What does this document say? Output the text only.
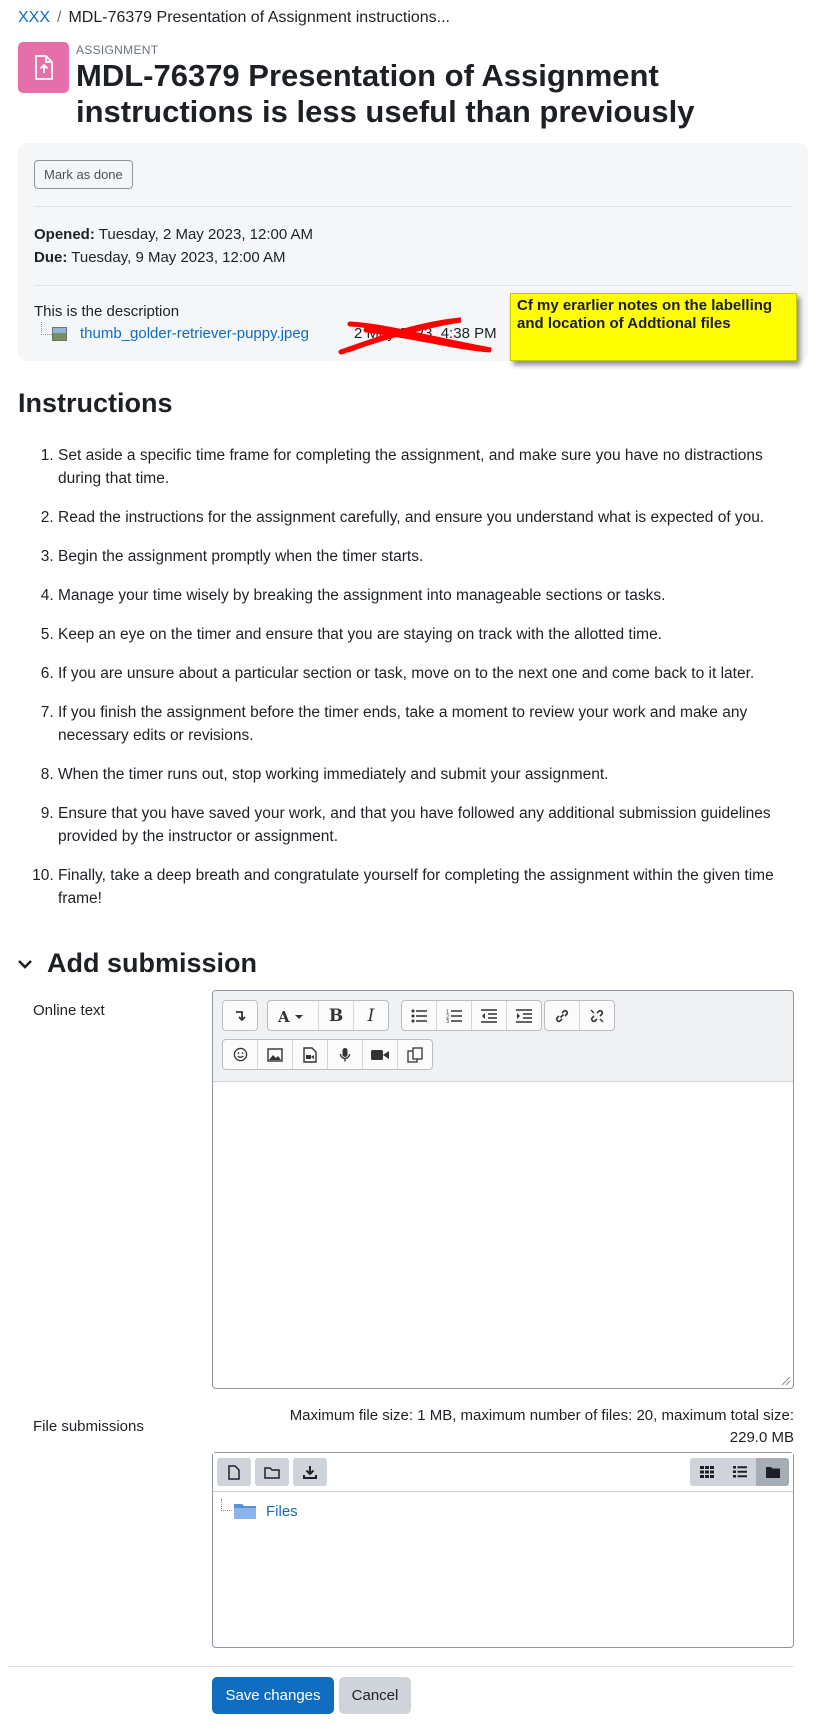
XXX / MDL-76379 Presentation of Assignment instructions...
ASSIGNMENT
MDL-76379 Presentation of Assignment instructions is less useful than previously
Mark as done
Opened: Tuesday, 2 May 2023, 12:00 AM
Due: Tuesday, 9 May 2023, 12:00 AM
This is the description
thumb_golder-retriever-puppy.jpeg	2 May 2023, 4:38 PM
Cf my erarlier notes on the labelling and location of Addtional files
Instructions
1. Set aside a specific time frame for completing the assignment, and make sure you have no distractions during that time.
2. Read the instructions for the assignment carefully, and ensure you understand what is expected of you.
3. Begin the assignment promptly when the timer starts.
4. Manage your time wisely by breaking the assignment into manageable sections or tasks.
5. Keep an eye on the timer and ensure that you are staying on track with the allotted time.
6. If you are unsure about a particular section or task, move on to the next one and come back to it later.
7. If you finish the assignment before the timer ends, take a moment to review your work and make any necessary edits or revisions.
8. When the timer runs out, stop working immediately and submit your assignment.
9. Ensure that you have saved your work, and that you have followed any additional submission guidelines provided by the instructor or assignment.
10. Finally, take a deep breath and congratulate yourself for completing the assignment within the given time frame!
Add submission
Online text	A B I	1
2
3
File submissions
Maximum file size: 1 MB, maximum number of files: 20, maximum total size: 229.0 MB
Files
Save changes	Cancel
